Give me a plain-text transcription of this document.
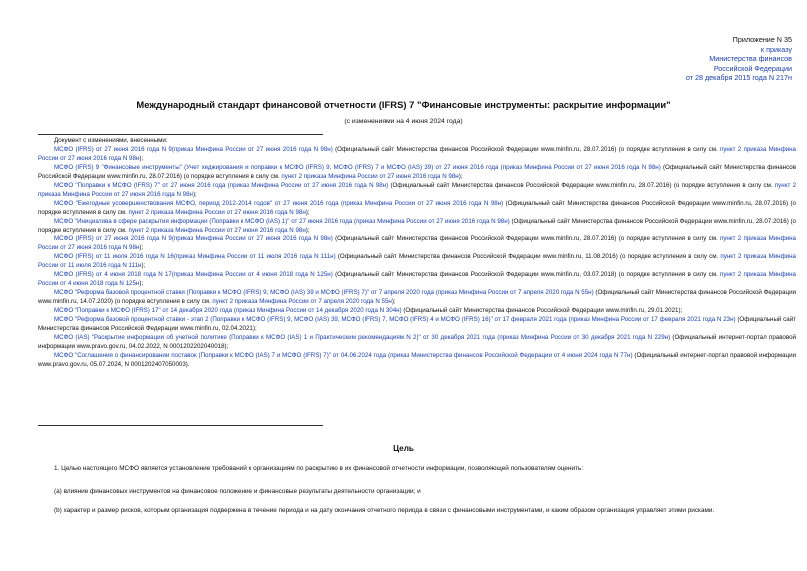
Приложение N 35
к приказу
Министерства финансов
Российской Федерации
от 28 декабря 2015 года N 217н
Международный стандарт финансовой отчетности (IFRS) 7 "Финансовые инструменты: раскрытие информации"
(с изменениями на 4 июня 2024 года)
Документ с изменениями, внесенными:
МСФО (IFRS) от 27 июня 2016 года N 9(приказ Минфина России от 27 июня 2016 года N 98н) (Официальный сайт Министерства финансов Российской Федерации www.minfin.ru, 28.07.2016) (о порядке вступления в силу см. пункт 2 приказа Минфина России от 27 июня 2016 года N 98н);
МСФО (IFRS) 9 "Финансовые инструменты" (Учет хеджирования и поправки к МСФО (IFRS) 9, МСФО (IFRS) 7 и МСФО (IAS) 39) от 27 июня 2016 года (приказ Минфина России от 27 июня 2016 года N 98н) (Официальный сайт Министерства финансов Российской Федерации www.minfin.ru, 28.07.2016) (о порядке вступления в силу см. пункт 2 приказа Минфина России от 27 июня 2016 года N 98н);
МСФО "Поправки к МСФО (IFRS) 7" от 27 июня 2016 года (приказ Минфина России от 27 июня 2016 года N 98н) (Официальный сайт Министерства финансов Российской Федерации www.minfin.ru, 28.07.2016) (о порядке вступления в силу см. пункт 2 приказа Минфина России от 27 июня 2016 года N 98н);
МСФО "Ежегодные усовершенствования МСФО, период 2012-2014 годов" от 27 июня 2016 года (приказ Минфина России от 27 июня 2016 года N 98н) (Официальный сайт Министерства финансов Российской Федерации www.minfin.ru, 28.07.2016) (о порядке вступления в силу см. пункт 2 приказа Минфина России от 27 июня 2016 года N 98н);
МСФО "Инициатива в сфере раскрытия информации (Поправки к МСФО (IAS) 1)" от 27 июня 2016 года (приказ Минфина России от 27 июня 2016 года N 98н) (Официальный сайт Министерства финансов Российской Федерации www.minfin.ru, 28.07.2016) (о порядке вступления в силу см. пункт 2 приказа Минфина России от 27 июня 2016 года N 98н);
МСФО (IFRS) от 27 июня 2016 года N 9(приказ Минфина России от 27 июня 2016 года N 98н) (Официальный сайт Министерства финансов Российской Федерации www.minfin.ru, 28.07.2016) (о порядке вступления в силу см. пункт 2 приказа Минфина России от 27 июня 2016 года N 98н);
МСФО (IFRS) от 11 июля 2016 года N 16(приказ Минфина России от 11 июля 2016 года N 111н) (Официальный сайт Министерства финансов Российской Федерации www.minfin.ru, 11.08.2016) (о порядке вступления в силу см. пункт 2 приказа Минфина России от 11 июля 2016 года N 111н);
МСФО (IFRS) от 4 июня 2018 года N 17(приказ Минфина России от 4 июня 2018 года N 125н) (Официальный сайт Министерства финансов Российской Федерации www.minfin.ru, 03.07.2018) (о порядке вступления в силу см. пункт 2 приказа Минфина России от 4 июня 2018 года N 125н);
МСФО "Реформа базовой процентной ставки (Поправки к МСФО (IFRS) 9, МСФО (IAS) 39 и МСФО (IFRS) 7)" от 7 апреля 2020 года (приказ Минфина России от 7 апреля 2020 года N 55н) (Официальный сайт Министерства финансов Российской Федерации www.minfin.ru, 14.07.2020) (о порядке вступления в силу см. пункт 2 приказа Минфина России от 7 апреля 2020 года N 55н);
МСФО "Поправки к МСФО (IFRS) 17" от 14 декабря 2020 года (приказ Минфина России от 14 декабря 2020 года N 304н) (Официальный сайт Министерства финансов Российской Федерации www.minfin.ru, 29.01.2021);
МСФО "Реформа базовой процентной ставки - этап 2 (Поправки к МСФО (IFRS) 9, МСФО (IAS) 39, МСФО (IFRS) 7, МСФО (IFRS) 4 и МСФО (IFRS) 16)" от 17 февраля 2021 года (приказ Минфина России от 17 февраля 2021 года N 23н) (Официальный сайт Министерства финансов Российской Федерации www.minfin.ru, 02.04.2021);
МСФО (IAS) "Раскрытие информации об учетной политике (Поправки к МСФО (IAS) 1 и Практическим рекомендациям N 2)" от 30 декабря 2021 года (приказ Минфина России от 30 декабря 2021 года N 229н) (Официальный интернет-портал правовой информации www.pravo.gov.ru, 04.02.2022, N 0001202202040018);
МСФО "Соглашения о финансировании поставок (Поправки к МСФО (IAS) 7 и МСФО (IFRS) 7)" от 04.06.2024 года (приказ Министерства финансов Российской Федерации от 4 июня 2024 года N 77н) (Официальный интернет-портал правовой информации www.pravo.gov.ru, 05.07.2024, N 0001202407050003).
Цель
1. Целью настоящего МСФО является установление требований к организациям по раскрытию в их финансовой отчетности информации, позволяющей пользователям оценить:
(a) влияние финансовых инструментов на финансовое положение и финансовые результаты деятельности организации; и
(b) характер и размер рисков, которым организация подвержена в течение периода и на дату окончания отчетного периода в связи с финансовыми инструментами, и каким образом организация управляет этими рисками.
